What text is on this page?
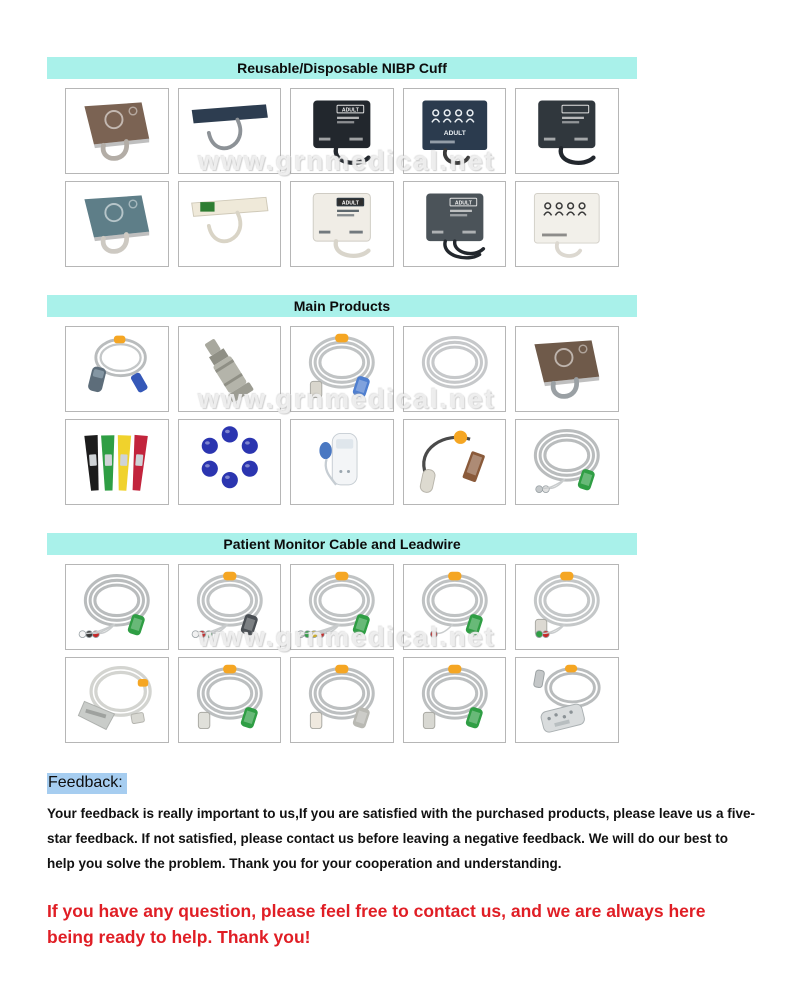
Reusable/Disposable NIBP Cuff
ADULT
ADULT
ADULT	ADULT
www.grnmedical.net
Main Products
www.grnmedical.net
Patient Monitor Cable and Leadwire
www.grnmedical.net
Feedback:

Your feedback is really important to us,If you are satisfied with the purchased products, please leave us a five-star feedback. If not satisfied, please contact us before leaving a negative feedback. We will do our best to help you solve the problem. Thank you for your cooperation and understanding.

If you have any question, please feel free to contact us, and we are always here being ready to help. Thank you!
